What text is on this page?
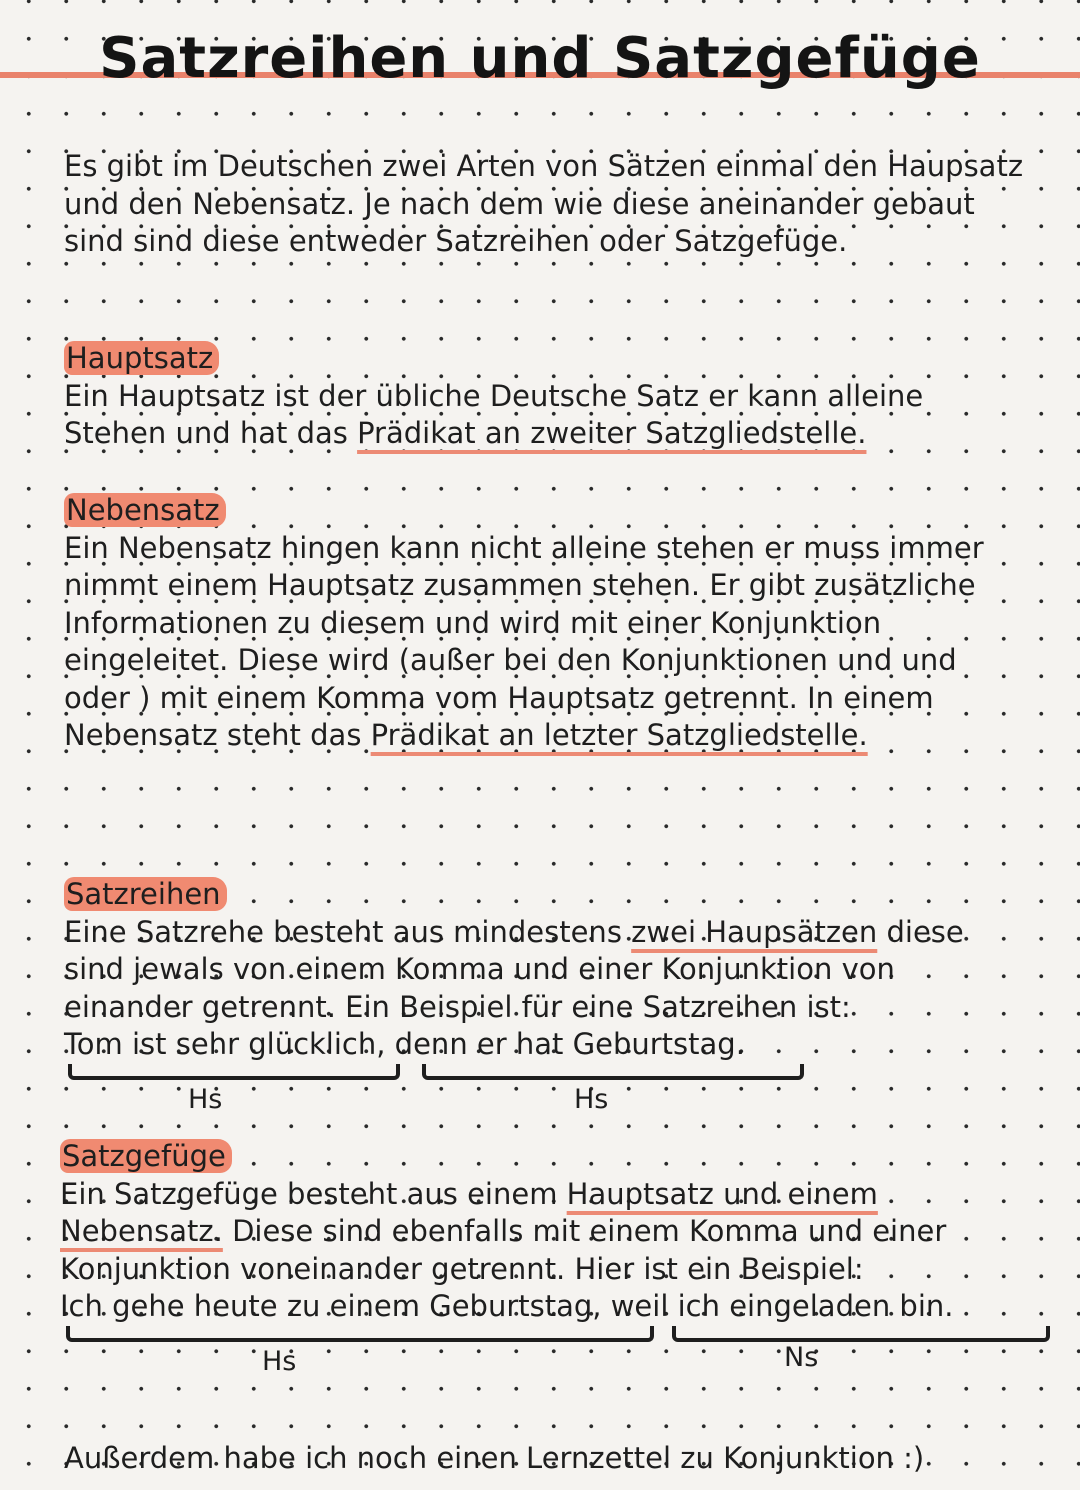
Satzreihen und Satzgefüge

Es gibt im Deutschen zwei Arten von Sätzen einmal den Haupsatz und den Nebensatz. Je nach dem wie diese aneinander gebaut sind sind diese entweder Satzreihen oder Satzgefüge.

Hauptsatz

Ein Hauptsatz ist der übliche Deutsche Satz er kann alleine Stehen und hat das Prädikat an zweiter Satzgliedstelle.

Nebensatz

Ein Nebensatz hingen kann nicht alleine stehen er muss immer nimmt einem Hauptsatz zusammen stehen. Er gibt zusätzliche Informationen zu diesem und wird mit einer Konjunktion eingeleitet. Diese wird (außer bei den Konjunktionen und und oder ) mit einem Komma vom Hauptsatz getrennt. In einem Nebensatz steht das Prädikat an letzter Satzgliedstelle.

Satzreihen

Eine Satzrehe besteht aus mindestens zwei Haupsätzen diese sind jewals von einem Komma und einer Konjunktion von einander getrennt. Ein Beispiel für eine Satzreihen ist:

Tom ist sehr glücklich, denn er hat Geburtstag.

Hs	Hs
Satzgefüge

Ein Satzgefüge besteht aus einem Hauptsatz und einem Nebensatz. Diese sind ebenfalls mit einem Komma und einer Konjunktion voneinander getrennt. Hier ist ein Beispiel:

Ich gehe heute zu einem Geburtstag, weil ich eingeladen bin.

Hs	Ns

Außerdem habe ich noch einen Lernzettel zu Konjunktion :)
